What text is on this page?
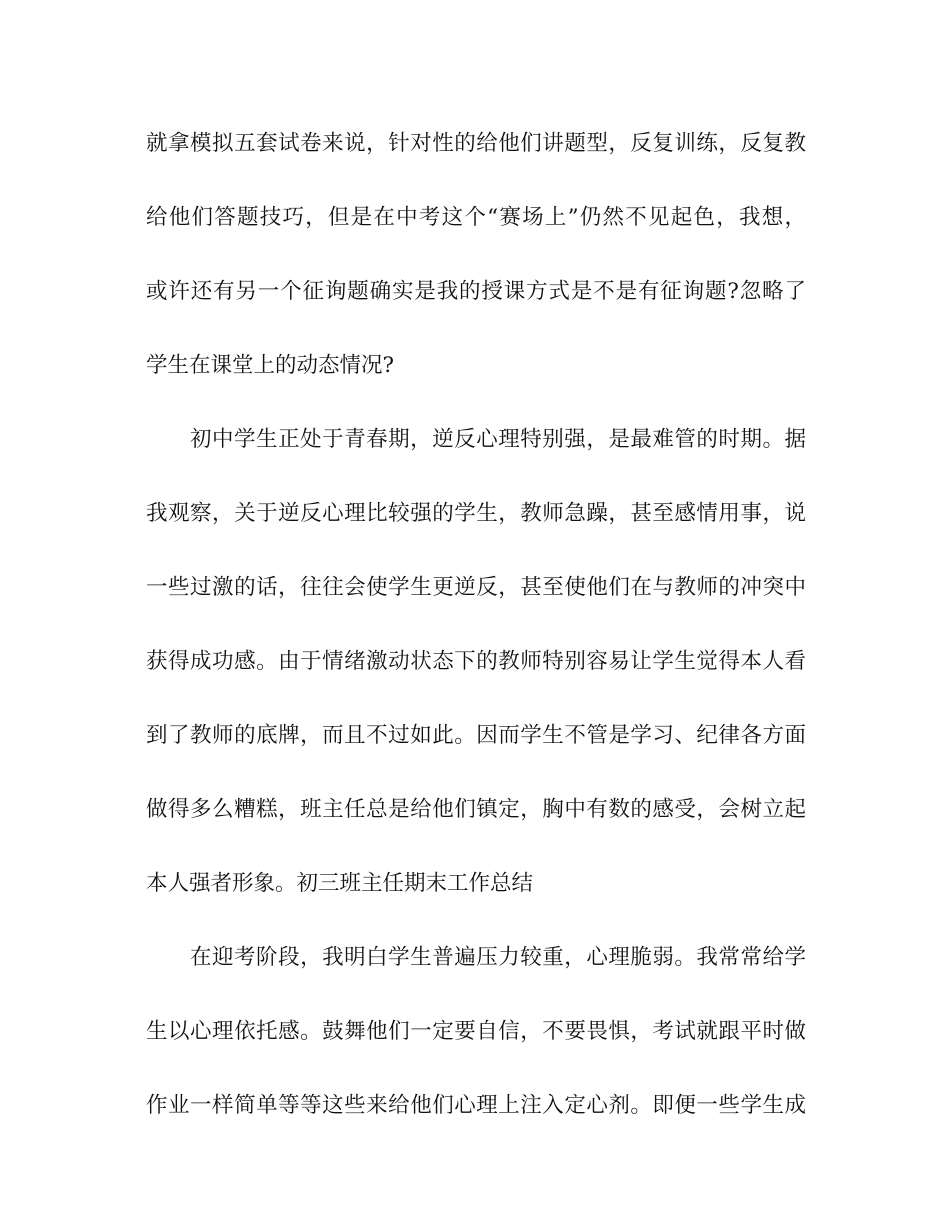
就拿模拟五套试卷来说，针对性的给他们讲题型，反复训练，反复教
给他们答题技巧，但是在中考这个“赛场上”仍然不见起色，我想，
或许还有另一个征询题确实是我的授课方式是不是有征询题?忽略了
学生在课堂上的动态情况?
初中学生正处于青春期，逆反心理特别强，是最难管的时期。据
我观察，关于逆反心理比较强的学生，教师急躁，甚至感情用事，说
一些过激的话，往往会使学生更逆反，甚至使他们在与教师的冲突中
获得成功感。由于情绪激动状态下的教师特别容易让学生觉得本人看
到了教师的底牌，而且不过如此。因而学生不管是学习、纪律各方面
做得多么糟糕，班主任总是给他们镇定，胸中有数的感受，会树立起
本人强者形象。初三班主任期末工作总结
在迎考阶段，我明白学生普遍压力较重，心理脆弱。我常常给学
生以心理依托感。鼓舞他们一定要自信，不要畏惧，考试就跟平时做
作业一样简单等等这些来给他们心理上注入定心剂。即便一些学生成
